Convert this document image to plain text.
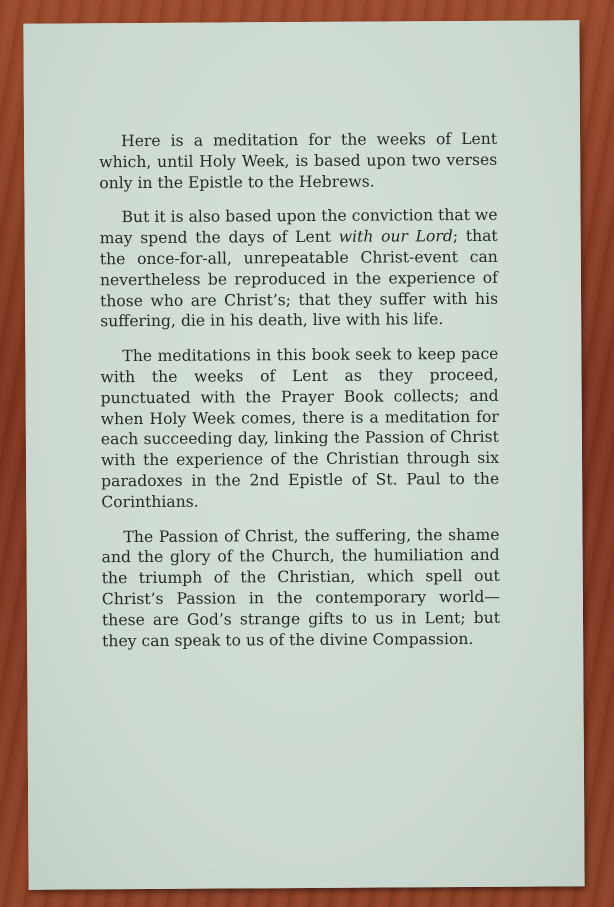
Here is a meditation for the weeks of Lent which, until Holy Week, is based upon two verses only in the Epistle to the Hebrews.

But it is also based upon the conviction that we may spend the days of Lent with our Lord; that the once-for-all, unrepeatable Christ-event can nevertheless be reproduced in the experience of those who are Christ’s; that they suffer with his suffering, die in his death, live with his life.

The meditations in this book seek to keep pace with the weeks of Lent as they proceed, punctuated with the Prayer Book collects; and when Holy Week comes, there is a meditation for each succeeding day, linking the Passion of Christ with the experience of the Christian through six paradoxes in the 2nd Epistle of St. Paul to the Corinthians.

The Passion of Christ, the suffering, the shame and the glory of the Church, the humiliation and the triumph of the Christian, which spell out Christ’s Passion in the contemporary world—these are God’s strange gifts to us in Lent; but they can speak to us of the divine Compassion.
